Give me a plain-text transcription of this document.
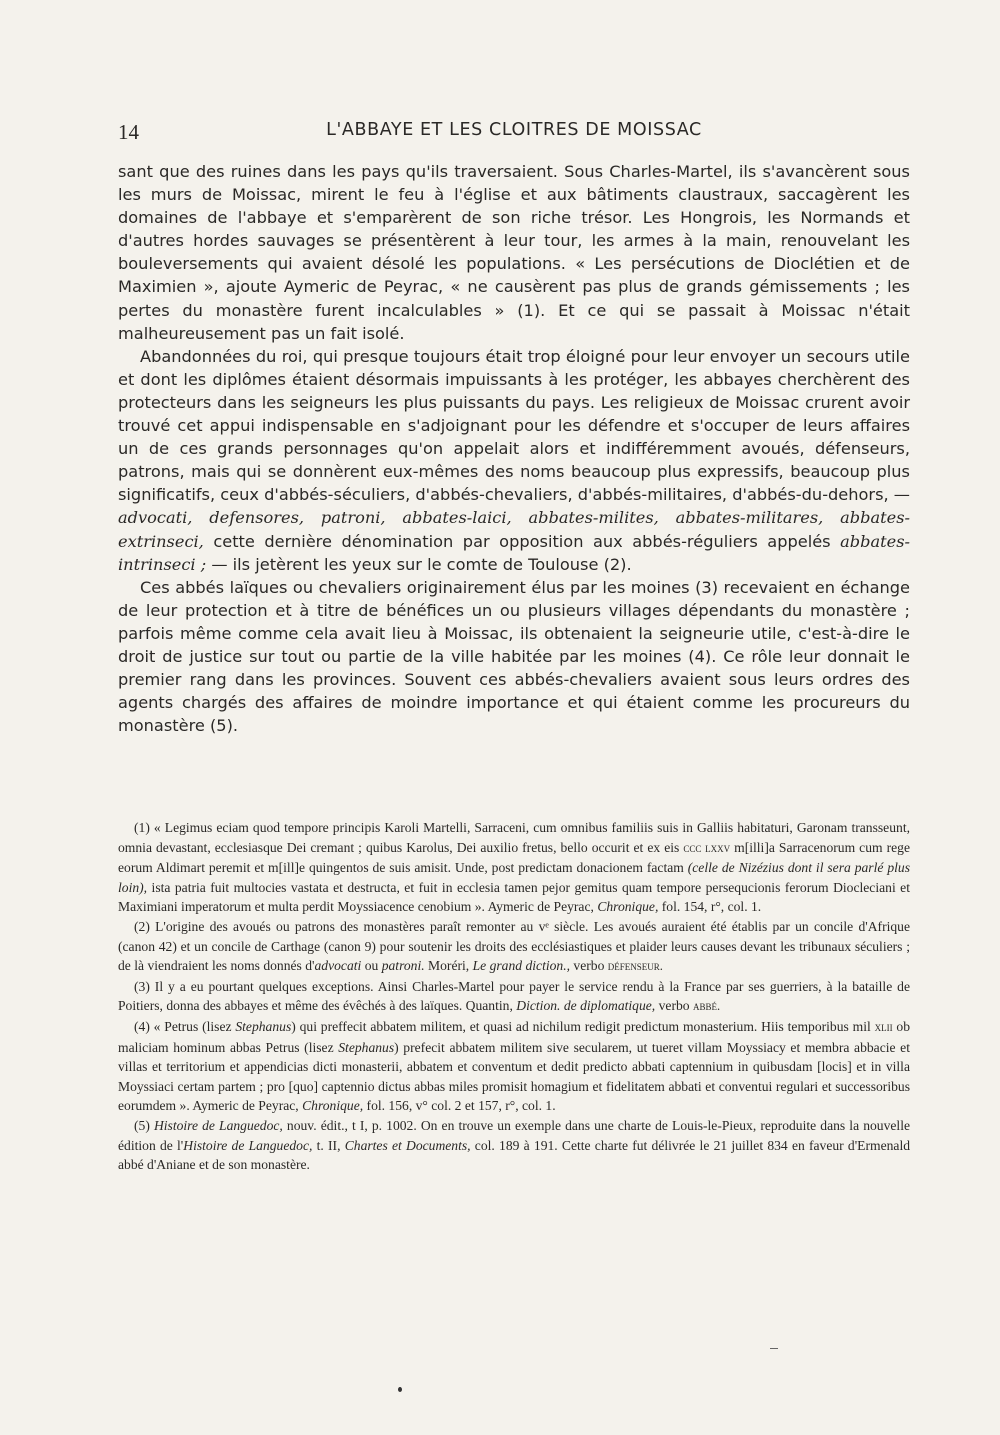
14	L'ABBAYE ET LES CLOITRES DE MOISSAC

sant que des ruines dans les pays qu'ils traversaient. Sous Charles-Martel, ils s'avancèrent sous les murs de Moissac, mirent le feu à l'église et aux bâtiments claustraux, saccagèrent les domaines de l'abbaye et s'emparèrent de son riche trésor. Les Hongrois, les Normands et d'autres hordes sauvages se présentèrent à leur tour, les armes à la main, renouvelant les bouleversements qui avaient désolé les populations. « Les persécutions de Dioclétien et de Maximien », ajoute Aymeric de Peyrac, « ne causèrent pas plus de grands gémissements ; les pertes du monastère furent incalculables » (1). Et ce qui se passait à Moissac n'était malheureusement pas un fait isolé.

Abandonnées du roi, qui presque toujours était trop éloigné pour leur envoyer un secours utile et dont les diplômes étaient désormais impuissants à les protéger, les abbayes cherchèrent des protecteurs dans les seigneurs les plus puissants du pays. Les religieux de Moissac crurent avoir trouvé cet appui indispensable en s'adjoignant pour les défendre et s'occuper de leurs affaires un de ces grands personnages qu'on appelait alors et indifféremment avoués, défenseurs, patrons, mais qui se donnèrent eux-mêmes des noms beaucoup plus expressifs, beaucoup plus significatifs, ceux d'abbés-séculiers, d'abbés-chevaliers, d'abbés-militaires, d'abbés-du-dehors, — advocati, defensores, patroni, abbates-laici, abbates-milites, abbates-militares, abbates-extrinseci, cette dernière dénomination par opposition aux abbés-réguliers appelés abbates-intrinseci ; — ils jetèrent les yeux sur le comte de Toulouse (2).

Ces abbés laïques ou chevaliers originairement élus par les moines (3) recevaient en échange de leur protection et à titre de bénéfices un ou plusieurs villages dépendants du monastère ; parfois même comme cela avait lieu à Moissac, ils obtenaient la seigneurie utile, c'est-à-dire le droit de justice sur tout ou partie de la ville habitée par les moines (4). Ce rôle leur donnait le premier rang dans les provinces. Souvent ces abbés-chevaliers avaient sous leurs ordres des agents chargés des affaires de moindre importance et qui étaient comme les procureurs du monastère (5).

(1) « Legimus eciam quod tempore principis Karoli Martelli, Sarraceni, cum omnibus familiis suis in Galliis habitaturi, Garonam transseunt, omnia devastant, ecclesiasque Dei cremant ; quibus Karolus, Dei auxilio fretus, bello occurit et ex eis ccc lxxv m[illi]a Sarracenorum cum rege eorum Aldimart peremit et m[ill]e quingentos de suis amisit. Unde, post predictam donacionem factam (celle de Nizézius dont il sera parlé plus loin), ista patria fuit multocies vastata et destructa, et fuit in ecclesia tamen pejor gemitus quam tempore persequcionis ferorum Diocleciani et Maximiani imperatorum et multa perdit Moyssiacence cenobium ». Aymeric de Peyrac, Chronique, fol. 154, r°, col. 1.

(2) L'origine des avoués ou patrons des monastères paraît remonter au vᵉ siècle. Les avoués auraient été établis par un concile d'Afrique (canon 42) et un concile de Carthage (canon 9) pour soutenir les droits des ecclésiastiques et plaider leurs causes devant les tribunaux séculiers ; de là viendraient les noms donnés d'advocati ou patroni. Moréri, Le grand diction., verbo défenseur.

(3) Il y a eu pourtant quelques exceptions. Ainsi Charles-Martel pour payer le service rendu à la France par ses guerriers, à la bataille de Poitiers, donna des abbayes et même des évêchés à des laïques. Quantin, Diction. de diplomatique, verbo abbé.

(4) « Petrus (lisez Stephanus) qui preffecit abbatem militem, et quasi ad nichilum redigit predictum monasterium. Hiis temporibus mil xlii ob maliciam hominum abbas Petrus (lisez Stephanus) prefecit abbatem militem sive secularem, ut tueret villam Moyssiacy et membra abbacie et villas et territorium et appendicias dicti monasterii, abbatem et conventum et dedit predicto abbati captennium in quibusdam [locis] et in villa Moyssiaci certam partem ; pro [quo] captennio dictus abbas miles promisit homagium et fidelitatem abbati et conventui regulari et successoribus eorumdem ». Aymeric de Peyrac, Chronique, fol. 156, v° col. 2 et 157, r°, col. 1.

(5) Histoire de Languedoc, nouv. édit., t I, p. 1002. On en trouve un exemple dans une charte de Louis-le-Pieux, reproduite dans la nouvelle édition de l'Histoire de Languedoc, t. II, Chartes et Documents, col. 189 à 191. Cette charte fut délivrée le 21 juillet 834 en faveur d'Ermenald abbé d'Aniane et de son monastère.
